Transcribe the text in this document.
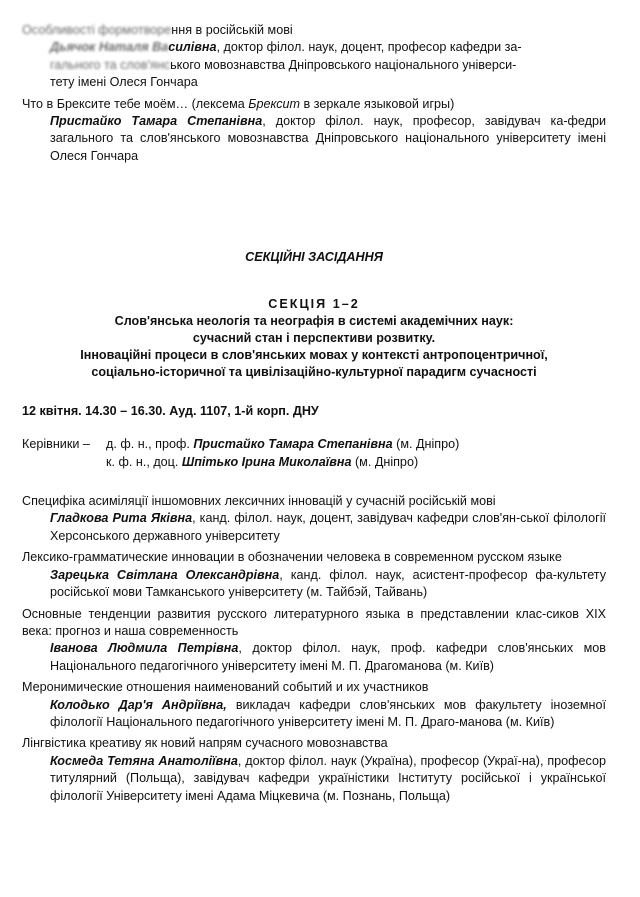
Особливості формотворення в російській мові
Дьячок Наталя Василівна, доктор філол. наук, доцент, професор кафедри за-
гального та слов'янського мовознавства Дніпровського національного універси-
тету імені Олеся Гончара
Что в Брексите тебе моём… (лексема Брексит в зеркале языковой игры)
Пристайко Тамара Степанівна, доктор філол. наук, професор, завідувач ка-федри загального та слов'янського мовознавства Дніпровського національного університету імені Олеся Гончара
СЕКЦІЙНІ ЗАСІДАННЯ
СЕКЦІЯ 1–2
Слов'янська неологія та неографія в системі академічних наук:
сучасний стан і перспективи розвитку.
Інноваційні процеси в слов'янських мовах у контексті антропоцентричної,
соціально-історичної та цивілізаційно-культурної парадигм сучасності
12 квітня. 14.30 – 16.30. Ауд. 1107, 1-й корп. ДНУ
Керівники –	д. ф. н., проф. Пристайко Тамара Степанівна (м. Дніпро)
к. ф. н., доц. Шпітько Ірина Миколаївна (м. Дніпро)
Специфіка асиміляції іншомовних лексичних інновацій у сучасній російській мові
Гладкова Рита Яківна, канд. філол. наук, доцент, завідувач кафедри слов'ян-ської філології Херсонського державного університету
Лексико-грамматические инновации в обозначении человека в современном русском языке
Зарецька Світлана Олександрівна, канд. філол. наук, асистент-професор фа-культету російської мови Тамканського університету (м. Тайбэй, Тайвань)
Основные тенденции развития русского литературного языка в представлении клас-сиков XIX века: прогноз и наша современность
Іванова Людмила Петрівна, доктор філол. наук, проф. кафедри слов'янських мов Національного педагогічного університету імені М. П. Драгоманова (м. Київ)
Меронимические отношения наименований событий и их участников
Колодько Дар'я Андріївна, викладач кафедри слов'янських мов факультету іноземної філології Національного педагогічного університету імені М. П. Драго-манова (м. Київ)
Лінгвістика креативу як новий напрям сучасного мовознавства
Космеда Тетяна Анатоліївна, доктор філол. наук (Україна), професор (Украї-на), професор титулярний (Польща), завідувач кафедри україністики Інституту російської і української філології Університету імені Адама Міцкевича (м. Познань, Польща)
